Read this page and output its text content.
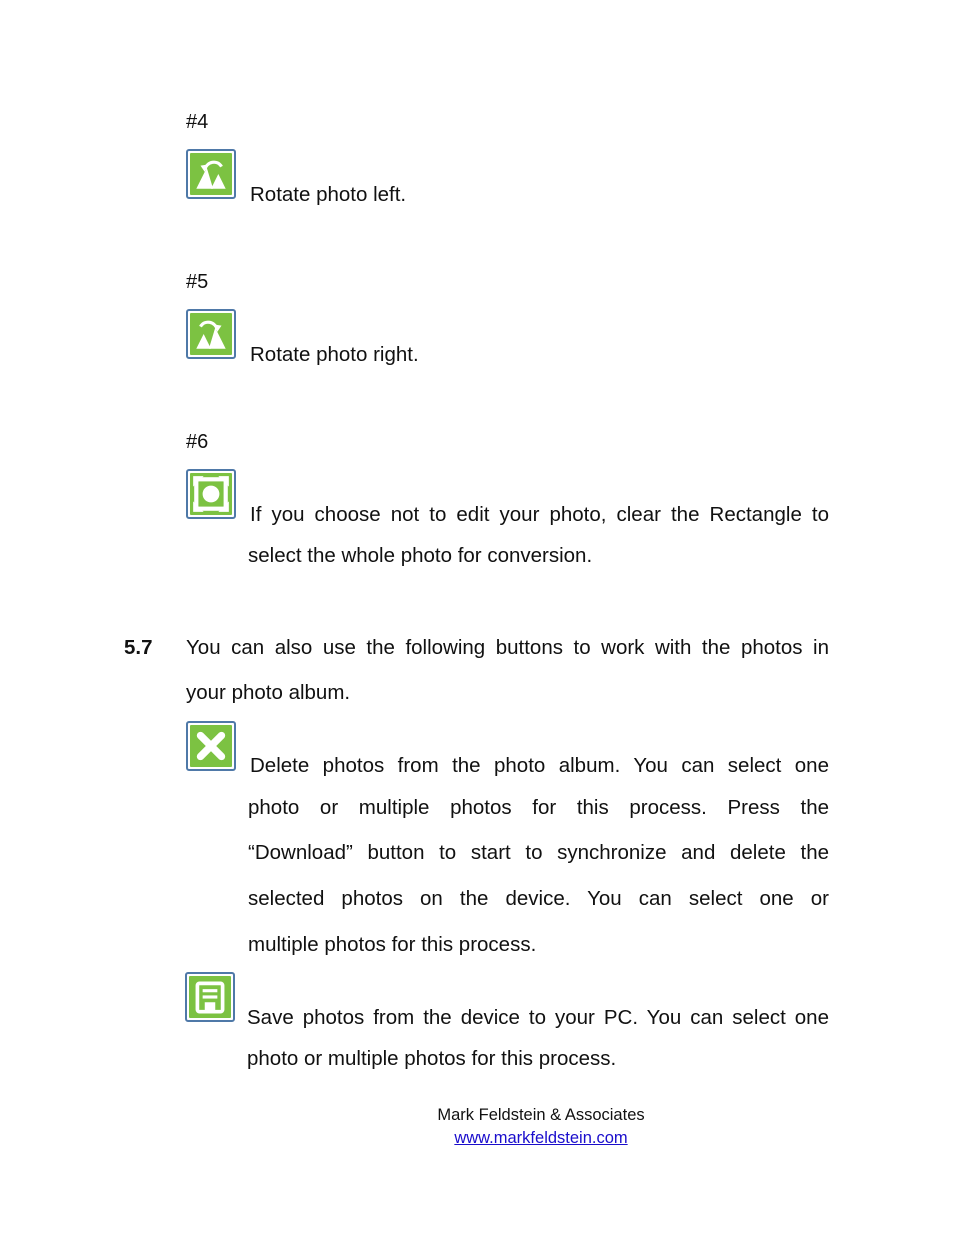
#4
Rotate photo left.
#5
Rotate photo right.
#6
If you choose not to edit your photo, clear the Rectangle to
select the whole photo for conversion.
5.7 You can also use the following buttons to work with the photos in
your photo album.
Delete photos from the photo album. You can select one
photo or multiple photos for this process. Press the
“Download” button to start to synchronize and delete the
selected photos on the device. You can select one or
multiple photos for this process.
Save photos from the device to your PC. You can select one
photo or multiple photos for this process.
Mark Feldstein & Associates
www.markfeldstein.com
